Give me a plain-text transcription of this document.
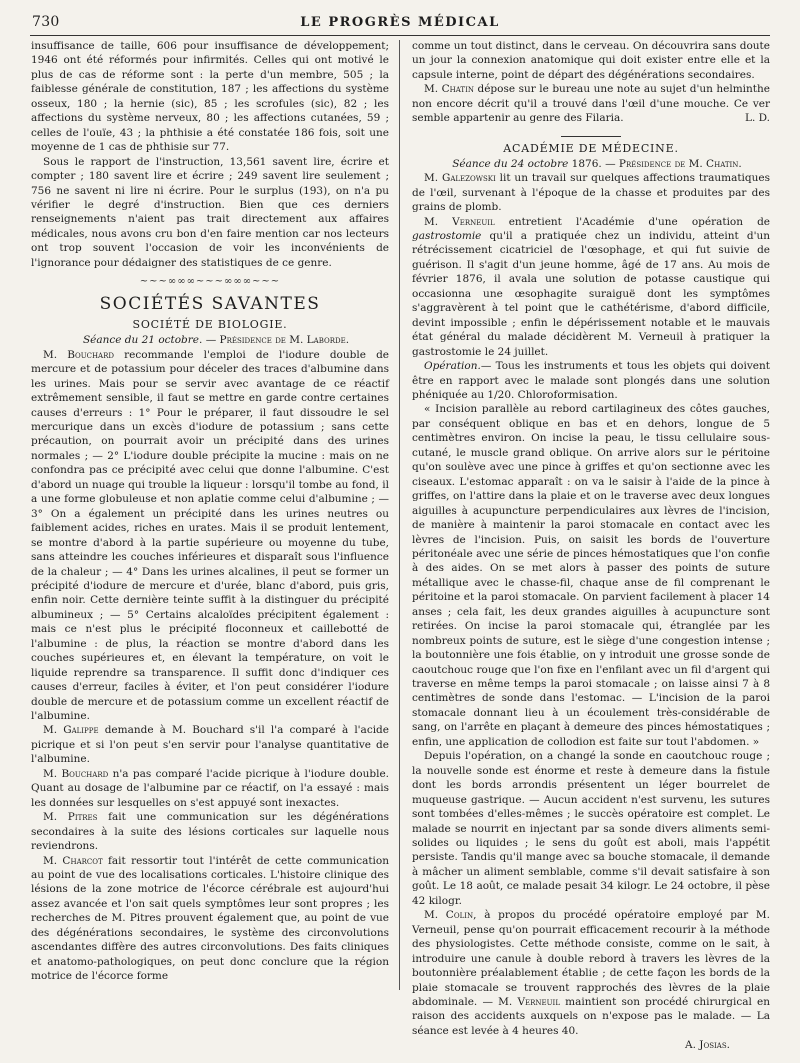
730	LE PROGRÈS MÉDICAL

insuffisance de taille, 606 pour insuffisance de développement; 1946 ont été réformés pour infirmités. Celles qui ont motivé le plus de cas de réforme sont : la perte d'un membre, 505 ; la faiblesse générale de constitution, 187 ; les affections du système osseux, 180 ; la hernie (sic), 85 ; les scrofules (sic), 82 ; les affections du système nerveux, 80 ; les affections cutanées, 59 ; celles de l'ouïe, 43 ; la phthisie a été constatée 186 fois, soit une moyenne de 1 cas de phthisie sur 77.

Sous le rapport de l'instruction, 13,561 savent lire, écrire et compter ; 180 savent lire et écrire ; 249 savent lire seulement ; 756 ne savent ni lire ni écrire. Pour le surplus (193), on n'a pu vérifier le degré d'instruction. Bien que ces derniers renseignements n'aient pas trait directement aux affaires médicales, nous avons cru bon d'en faire mention car nos lecteurs ont trop souvent l'occasion de voir les inconvénients de l'ignorance pour dédaigner des statistiques de ce genre.

~~~∞∞∞~~~∞∞∞~~~
SOCIÉTÉS SAVANTES
SOCIÉTÉ DE BIOLOGIE.

Séance du 21 octobre. — Présidence de M. Laborde.

M. Bouchard recommande l'emploi de l'iodure double de mercure et de potassium pour déceler des traces d'albumine dans les urines. Mais pour se servir avec avantage de ce réactif extrêmement sensible, il faut se mettre en garde contre certaines causes d'erreurs : 1° Pour le préparer, il faut dissoudre le sel mercurique dans un excès d'iodure de potassium ; sans cette précaution, on pourrait avoir un précipité dans des urines normales ; — 2° L'iodure double précipite la mucine : mais on ne confondra pas ce précipité avec celui que donne l'albumine. C'est d'abord un nuage qui trouble la liqueur : lorsqu'il tombe au fond, il a une forme globuleuse et non aplatie comme celui d'albumine ; — 3° On a également un précipité dans les urines neutres ou faiblement acides, riches en urates. Mais il se produit lentement, se montre d'abord à la partie supérieure ou moyenne du tube, sans atteindre les couches inférieures et disparaît sous l'influence de la chaleur ; — 4° Dans les urines alcalines, il peut se former un précipité d'iodure de mercure et d'urée, blanc d'abord, puis gris, enfin noir. Cette dernière teinte suffit à la distinguer du précipité albumineux ; — 5° Certains alcaloïdes précipitent également : mais ce n'est plus le précipité floconneux et caillebotté de l'albumine : de plus, la réaction se montre d'abord dans les couches supérieures et, en élevant la température, on voit le liquide reprendre sa transparence. Il suffit donc d'indiquer ces causes d'erreur, faciles à éviter, et l'on peut considérer l'iodure double de mercure et de potassium comme un excellent réactif de l'albumine.

M. Galippe demande à M. Bouchard s'il l'a comparé à l'acide picrique et si l'on peut s'en servir pour l'analyse quantitative de l'albumine.

M. Bouchard n'a pas comparé l'acide picrique à l'iodure double. Quant au dosage de l'albumine par ce réactif, on l'a essayé : mais les données sur lesquelles on s'est appuyé sont inexactes.

M. Pitres fait une communication sur les dégénérations secondaires à la suite des lésions corticales sur laquelle nous reviendrons.

M. Charcot fait ressortir tout l'intérêt de cette communication au point de vue des localisations corticales. L'histoire clinique des lésions de la zone motrice de l'écorce cérébrale est aujourd'hui assez avancée et l'on sait quels symptômes leur sont propres ; les recherches de M. Pitres prouvent également que, au point de vue des dégénérations secondaires, le système des circonvolutions ascendantes diffère des autres circonvolutions. Des faits cliniques et anatomo-pathologiques, on peut donc conclure que la région motrice de l'écorce forme

comme un tout distinct, dans le cerveau. On découvrira sans doute un jour la connexion anatomique qui doit exister entre elle et la capsule interne, point de départ des dégénérations secondaires.

M. Chatin dépose sur le bureau une note au sujet d'un helminthe non encore décrit qu'il a trouvé dans l'œil d'une mouche. Ce ver semble appartenir au genre des Filaria.	L. D.

ACADÉMIE DE MÉDECINE.

Séance du 24 octobre 1876. — Présidence de M. Chatin.

M. Galezowski lit un travail sur quelques affections traumatiques de l'œil, survenant à l'époque de la chasse et produites par des grains de plomb.

M. Verneuil entretient l'Académie d'une opération de gastrostomie qu'il a pratiquée chez un individu, atteint d'un rétrécissement cicatriciel de l'œsophage, et qui fut suivie de guérison. Il s'agit d'un jeune homme, âgé de 17 ans. Au mois de février 1876, il avala une solution de potasse caustique qui occasionna une œsophagite suraiguë dont les symptômes s'aggravèrent à tel point que le cathétérisme, d'abord difficile, devint impossible ; enfin le dépérissement notable et le mauvais état général du malade décidèrent M. Verneuil à pratiquer la gastrostomie le 24 juillet.

Opération.— Tous les instruments et tous les objets qui doivent être en rapport avec le malade sont plongés dans une solution phéniquée au 1/20. Chloroformisation.

« Incision parallèle au rebord cartilagineux des côtes gauches, par conséquent oblique en bas et en dehors, longue de 5 centimètres environ. On incise la peau, le tissu cellulaire sous-cutané, le muscle grand oblique. On arrive alors sur le péritoine qu'on soulève avec une pince à griffes et qu'on sectionne avec les ciseaux. L'estomac apparaît : on va le saisir à l'aide de la pince à griffes, on l'attire dans la plaie et on le traverse avec deux longues aiguilles à acupuncture perpendiculaires aux lèvres de l'incision, de manière à maintenir la paroi stomacale en contact avec les lèvres de l'incision. Puis, on saisit les bords de l'ouverture péritonéale avec une série de pinces hémostatiques que l'on confie à des aides. On se met alors à passer des points de suture métallique avec le chasse-fil, chaque anse de fil comprenant le péritoine et la paroi stomacale. On parvient facilement à placer 14 anses ; cela fait, les deux grandes aiguilles à acupuncture sont retirées. On incise la paroi stomacale qui, étranglée par les nombreux points de suture, est le siège d'une congestion intense ; la boutonnière une fois établie, on y introduit une grosse sonde de caoutchouc rouge que l'on fixe en l'enfilant avec un fil d'argent qui traverse en même temps la paroi stomacale ; on laisse ainsi 7 à 8 centimètres de sonde dans l'estomac. — L'incision de la paroi stomacale donnant lieu à un écoulement très-considérable de sang, on l'arrête en plaçant à demeure des pinces hémostatiques ; enfin, une application de collodion est faite sur tout l'abdomen. »

Depuis l'opération, on a changé la sonde en caoutchouc rouge ; la nouvelle sonde est énorme et reste à demeure dans la fistule dont les bords arrondis présentent un léger bourrelet de muqueuse gastrique. — Aucun accident n'est survenu, les sutures sont tombées d'elles-mêmes ; le succès opératoire est complet. Le malade se nourrit en injectant par sa sonde divers aliments semi-solides ou liquides ; le sens du goût est aboli, mais l'appétit persiste. Tandis qu'il mange avec sa bouche stomacale, il demande à mâcher un aliment semblable, comme s'il devait satisfaire à son goût. Le 18 août, ce malade pesait 34 kilogr. Le 24 octobre, il pèse 42 kilogr.

M. Colin, à propos du procédé opératoire employé par M. Verneuil, pense qu'on pourrait efficacement recourir à la méthode des physiologistes. Cette méthode consiste, comme on le sait, à introduire une canule à double rebord à travers les lèvres de la boutonnière préalablement établie ; de cette façon les bords de la plaie stomacale se trouvent rapprochés des lèvres de la plaie abdominale. — M. Verneuil maintient son procédé chirurgical en raison des accidents auxquels on n'expose pas le malade. — La séance est levée à 4 heures 40.

A. Josias.
